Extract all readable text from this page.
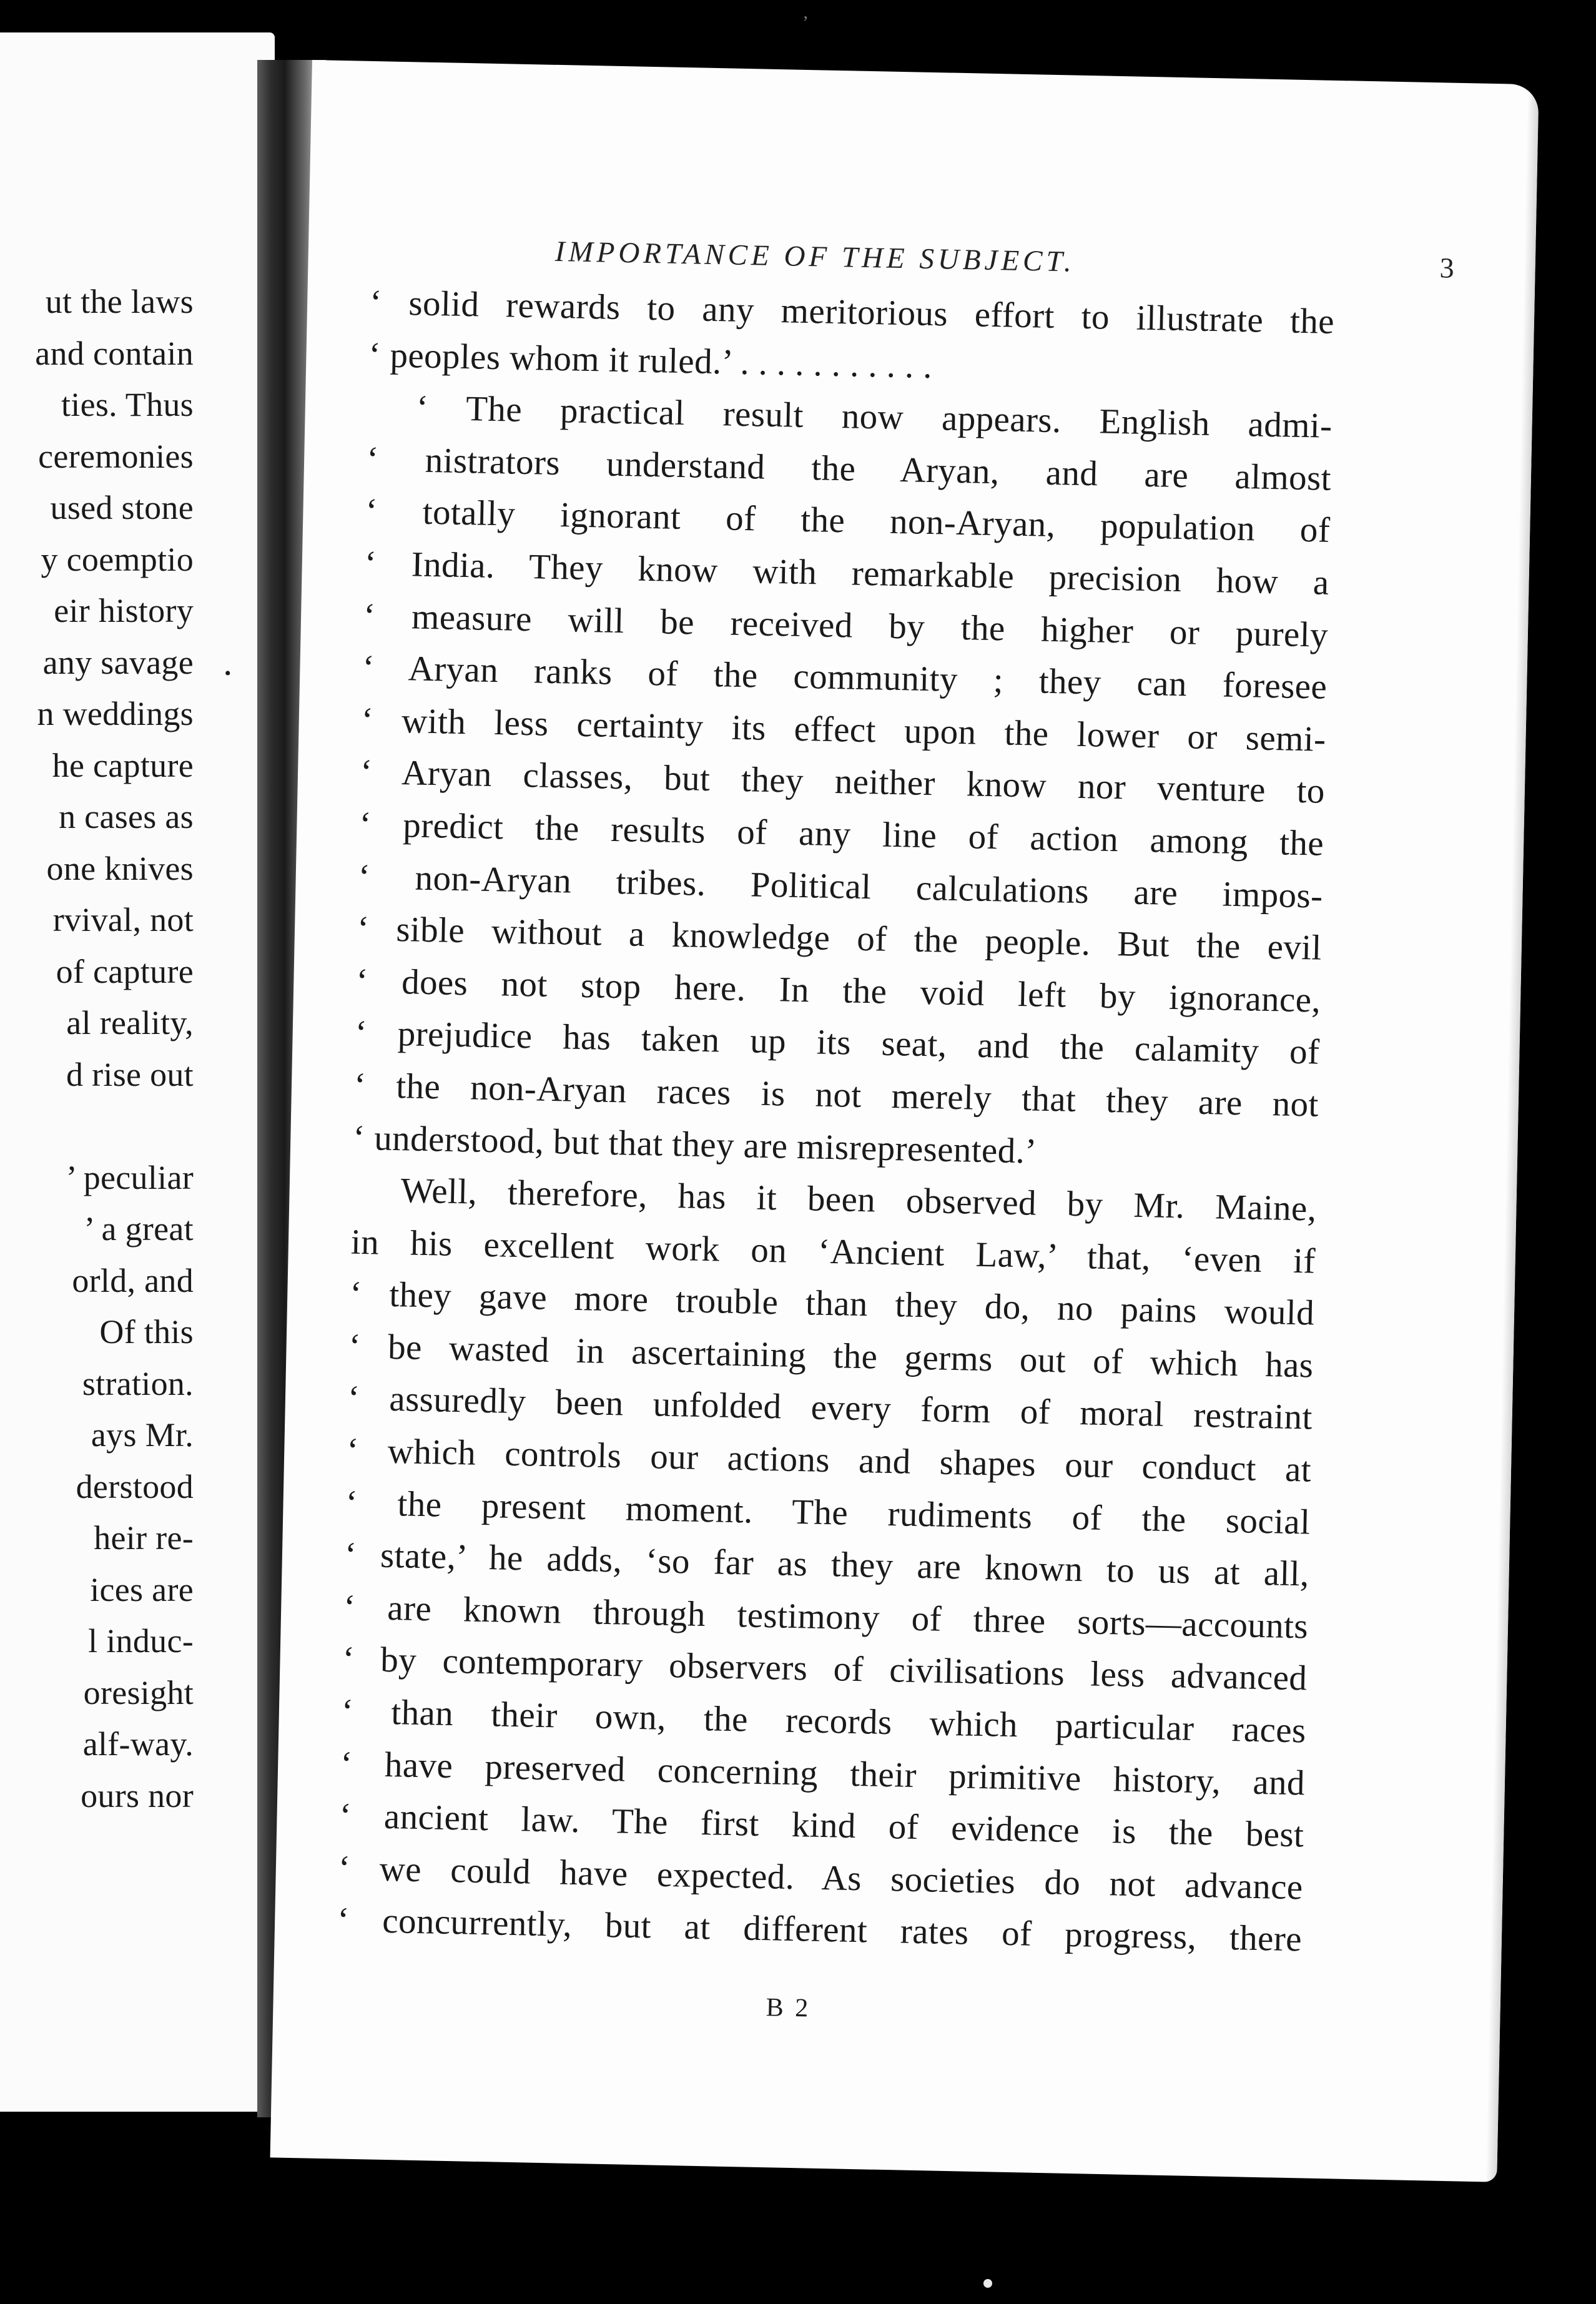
ʼ
ut the laws
and contain
ties. Thus
ceremonies
used stone
y coemptio
eir history
any savage
n weddings
he capture
n cases as
one knives
rvival, not
of capture
al reality,
d rise out

’ peculiar
’ a great
orld, and
Of this
stration.
ays Mr.
derstood
heir re-
ices are
l induc-
oresight
alf-way.
ours nor
•
IMPORTANCE OF THE SUBJECT.	3
‘ solid rewards to any meritorious effort to illustrate the
‘ peoples whom it ruled.’ . . . . . . . . . . .
‘ The practical result now appears. English admi-
‘ nistrators understand the Aryan, and are almost
‘ totally ignorant of the non-Aryan, population of
‘ India. They know with remarkable precision how a
‘ measure will be received by the higher or purely
‘ Aryan ranks of the community ; they can foresee
‘ with less certainty its effect upon the lower or semi-
‘ Aryan classes, but they neither know nor venture to
‘ predict the results of any line of action among the
‘ non-Aryan tribes. Political calculations are impos-
‘ sible without a knowledge of the people. But the evil
‘ does not stop here. In the void left by ignorance,
‘ prejudice has taken up its seat, and the calamity of
‘ the non-Aryan races is not merely that they are not
‘ understood, but that they are misrepresented.’
Well, therefore, has it been observed by Mr. Maine,
in his excellent work on ‘Ancient Law,’ that, ‘even if
‘ they gave more trouble than they do, no pains would
‘ be wasted in ascertaining the germs out of which has
‘ assuredly been unfolded every form of moral restraint
‘ which controls our actions and shapes our conduct at
‘ the present moment. The rudiments of the social
‘ state,’ he adds, ‘so far as they are known to us at all,
‘ are known through testimony of three sorts—accounts
‘ by contemporary observers of civilisations less advanced
‘ than their own, the records which particular races
‘ have preserved concerning their primitive history, and
‘ ancient law. The first kind of evidence is the best
‘ we could have expected. As societies do not advance
‘ concurrently, but at different rates of progress, there
B 2
